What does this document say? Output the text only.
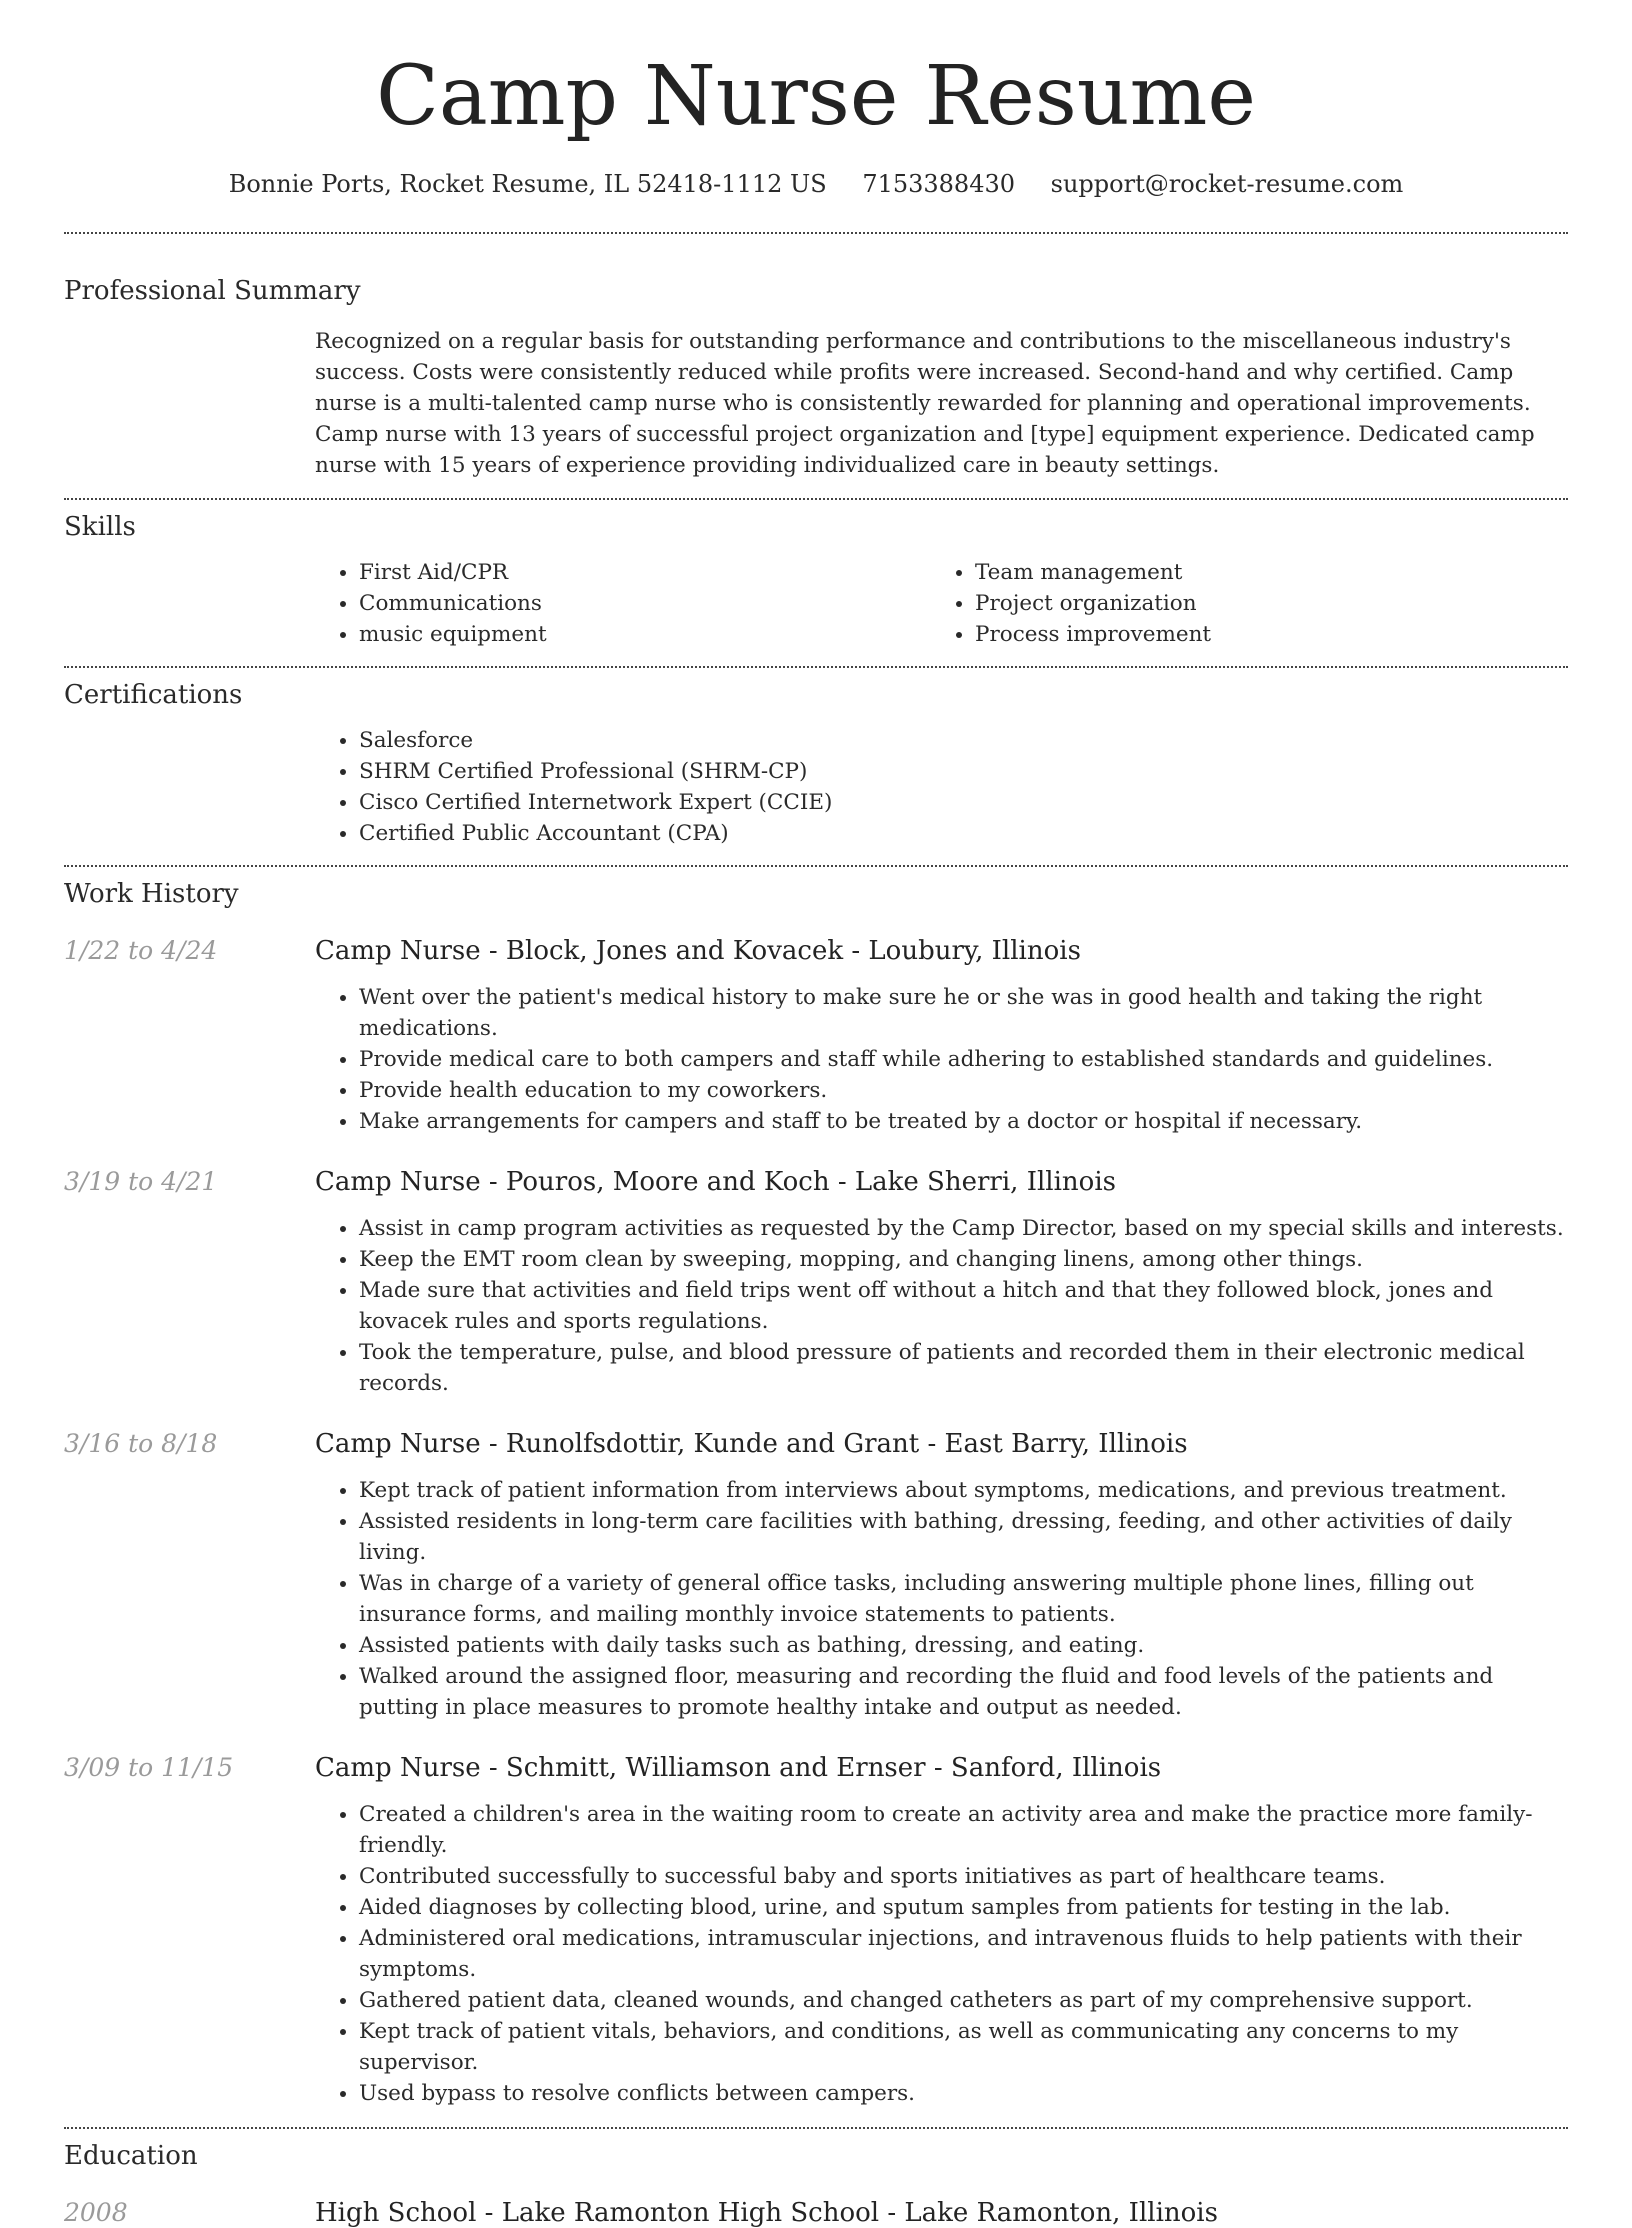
Camp Nurse Resume
Bonnie Ports, Rocket Resume, IL 52418-1112 US 7153388430 support@rocket-resume.com
Professional Summary
Recognized on a regular basis for outstanding performance and contributions to the miscellaneous industry's success. Costs were consistently reduced while profits were increased. Second-hand and why certified. Camp nurse is a multi-talented camp nurse who is consistently rewarded for planning and operational improvements. Camp nurse with 13 years of successful project organization and [type] equipment experience. Dedicated camp nurse with 15 years of experience providing individualized care in beauty settings.
Skills
• First Aid/CPR
• Communications
• music equipment
• Team management
• Project organization
• Process improvement
Certifications
• Salesforce
• SHRM Certified Professional (SHRM-CP)
• Cisco Certified Internetwork Expert (CCIE)
• Certified Public Accountant (CPA)
Work History
1/22 to 4/24	Camp Nurse - Block, Jones and Kovacek - Loubury, Illinois
• Went over the patient's medical history to make sure he or she was in good health and taking the right medications.
• Provide medical care to both campers and staff while adhering to established standards and guidelines.
• Provide health education to my coworkers.
• Make arrangements for campers and staff to be treated by a doctor or hospital if necessary.
3/19 to 4/21	Camp Nurse - Pouros, Moore and Koch - Lake Sherri, Illinois
• Assist in camp program activities as requested by the Camp Director, based on my special skills and interests.
• Keep the EMT room clean by sweeping, mopping, and changing linens, among other things.
• Made sure that activities and field trips went off without a hitch and that they followed block, jones and kovacek rules and sports regulations.
• Took the temperature, pulse, and blood pressure of patients and recorded them in their electronic medical records.
3/16 to 8/18	Camp Nurse - Runolfsdottir, Kunde and Grant - East Barry, Illinois
• Kept track of patient information from interviews about symptoms, medications, and previous treatment.
• Assisted residents in long-term care facilities with bathing, dressing, feeding, and other activities of daily living.
• Was in charge of a variety of general office tasks, including answering multiple phone lines, filling out insurance forms, and mailing monthly invoice statements to patients.
• Assisted patients with daily tasks such as bathing, dressing, and eating.
• Walked around the assigned floor, measuring and recording the fluid and food levels of the patients and putting in place measures to promote healthy intake and output as needed.
3/09 to 11/15	Camp Nurse - Schmitt, Williamson and Ernser - Sanford, Illinois
• Created a children's area in the waiting room to create an activity area and make the practice more family-friendly.
• Contributed successfully to successful baby and sports initiatives as part of healthcare teams.
• Aided diagnoses by collecting blood, urine, and sputum samples from patients for testing in the lab.
• Administered oral medications, intramuscular injections, and intravenous fluids to help patients with their symptoms.
• Gathered patient data, cleaned wounds, and changed catheters as part of my comprehensive support.
• Kept track of patient vitals, behaviors, and conditions, as well as communicating any concerns to my supervisor.
• Used bypass to resolve conflicts between campers.
Education
2008	High School - Lake Ramonton High School - Lake Ramonton, Illinois
